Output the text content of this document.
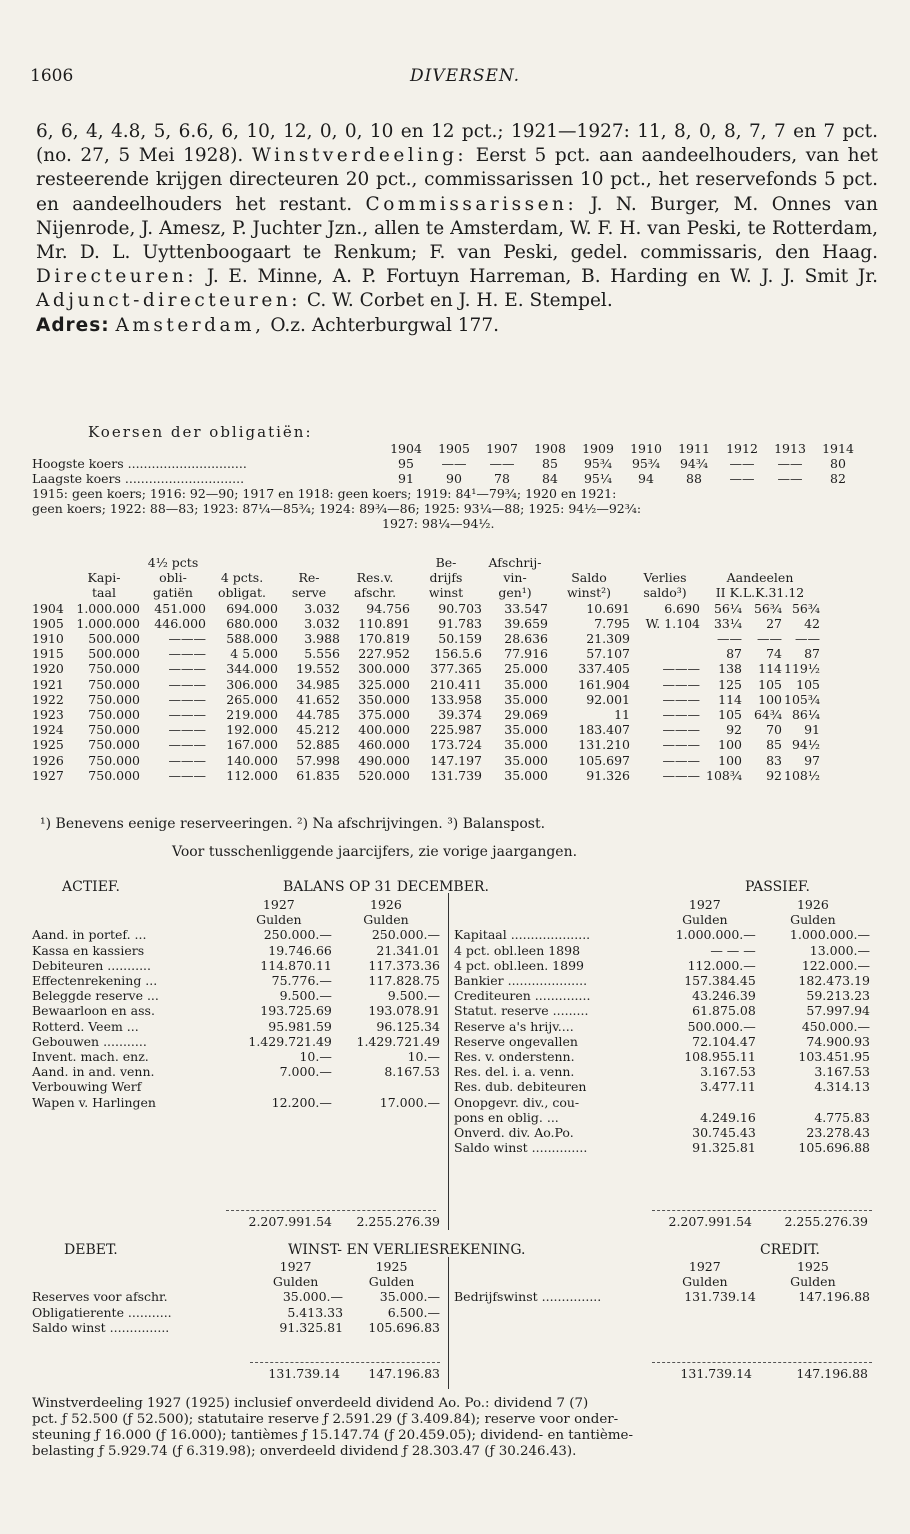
1606	DIVERSEN.

6, 6, 4, 4.8, 5, 6.6, 6, 10, 12, 0, 0, 10 en 12 pct.; 1921—1927: 11, 8, 0, 8, 7, 7 en 7 pct. (no. 27, 5 Mei 1928). Winstverdeeling: Eerst 5 pct. aan aandeelhouders, van het resteerende krijgen directeuren 20 pct., commissarissen 10 pct., het reservefonds 5 pct. en aandeelhouders het restant. Commissarissen: J. N. Burger, M. Onnes van Nijenrode, J. Amesz, P. Juchter Jzn., allen te Amsterdam, W. F. H. van Peski, te Rotterdam, Mr. D. L. Uyttenboogaart te Renkum; F. van Peski, gedel. commissaris, den Haag. Directeuren: J. E. Minne, A. P. Fortuyn Harreman, B. Harding en W. J. J. Smit Jr. Adjunct-directeuren: C. W. Corbet en J. H. E. Stempel.

Adres: Amsterdam, O.z. Achterburgwal 177.

Koersen der obligatiën:
	1904	1905	1907	1908	1909	1910	1911	1912	1913	1914
Hoogste koers ..............................	95	——	——	85	95¾	95¾	94¾	——	——	80
Laagste koers ..............................	91	90	78	84	95¼	94	88	——	——	82
1915: geen koers; 1916: 92—90; 1917 en 1918: geen koers; 1919: 84¹—79¾; 1920 en 1921:
geen koers; 1922: 88—83; 1923: 87¼—85¾; 1924: 89¾—86; 1925: 93¼—88; 1925: 94½—92¾:
1927: 98¼—94½.
		4½ pcts				Be-	Afschrij-					
	Kapi-	obli-	4 pcts.	Re-	Res.v.	drijfs	vin-	Saldo	Verlies	Aandeelen		
	taal	gatiën	obligat.	serve	afschr.	winst	gen¹)	winst²)	saldo³)	II K.L.K.31.12		
1904	1.000.000	451.000	694.000	3.032	94.756	90.703	33.547	10.691	6.690	56¼	56¾	56¾
1905	1.000.000	446.000	680.000	3.032	110.891	91.783	39.659	7.795	W. 1.104	33¼	27	42
1910	500.000	———	588.000	3.988	170.819	50.159	28.636	21.309		——	——	——
1915	500.000	———	4 5.000	5.556	227.952	156.5.6	77.916	57.107		87	74	87
1920	750.000	———	344.000	19.552	300.000	377.365	25.000	337.405	———	138	114	119½
1921	750.000	———	306.000	34.985	325.000	210.411	35.000	161.904	———	125	105	105
1922	750.000	———	265.000	41.652	350.000	133.958	35.000	92.001	———	114	100	105¾
1923	750.000	———	219.000	44.785	375.000	39.374	29.069	11	———	105	64¾	86¼
1924	750.000	———	192.000	45.212	400.000	225.987	35.000	183.407	———	92	70	91
1925	750.000	———	167.000	52.885	460.000	173.724	35.000	131.210	———	100	85	94½
1926	750.000	———	140.000	57.998	490.000	147.197	35.000	105.697	———	100	83	97
1927	750.000	———	112.000	61.835	520.000	131.739	35.000	91.326	———	108¾	92	108½
¹) Benevens eenige reserveeringen. ²) Na afschrijvingen. ³) Balanspost.
Voor tusschenliggende jaarcijfers, zie vorige jaargangen.
ACTIEF.	BALANS OP 31 DECEMBER.	PASSIEF.
	1927	1926
	Gulden	Gulden
Aand. in portef. ...	250.000.—	250.000.—
Kassa en kassiers	19.746.66	21.341.01
Debiteuren ...........	114.870.11	117.373.36
Effectenrekening ...	75.776.—	117.828.75
Beleggde reserve ...	9.500.—	9.500.—
Bewaarloon en ass.	193.725.69	193.078.91
Rotterd. Veem ...	95.981.59	96.125.34
Gebouwen ...........	1.429.721.49	1.429.721.49
Invent. mach. enz.	10.—	10.—
Aand. in and. venn.	7.000.—	8.167.53
Verbouwing Werf		
Wapen v. Harlingen	12.200.—	17.000.—
	1927	1926
	Gulden	Gulden
Kapitaal ....................	1.000.000.—	1.000.000.—
4 pct. obl.leen 1898	— — —	13.000.—
4 pct. obl.leen. 1899	112.000.—	122.000.—
Bankier ....................	157.384.45	182.473.19
Crediteuren ..............	43.246.39	59.213.23
Statut. reserve .........	61.875.08	57.997.94
Reserve a's hrijv....	500.000.—	450.000.—
Reserve ongevallen	72.104.47	74.900.93
Res. v. onderstenn.	108.955.11	103.451.95
Res. del. i. a. venn.	3.167.53	3.167.53
Res. dub. debiteuren	3.477.11	4.314.13
Onopgevr. div., cou-		
pons en oblig. ...	4.249.16	4.775.83
Onverd. div. Ao.Po.	30.745.43	23.278.43
Saldo winst ..............	91.325.81	105.696.88
2.207.991.54 2.255.276.39	2.207.991.54	2.255.276.39
DEBET.	WINST- EN VERLIESREKENING.	CREDIT.
	1927	1925
	Gulden	Gulden
Reserves voor afschr.	35.000.—	35.000.—
Obligatierente ...........	5.413.33	6.500.—
Saldo winst ...............	91.325.81	105.696.83
	1927	1925
	Gulden	Gulden
Bedrijfswinst ...............	131.739.14	147.196.88
131.739.14 147.196.83	131.739.14	147.196.88
Winstverdeeling 1927 (1925) inclusief onverdeeld dividend Ao. Po.: dividend 7 (7)
pct. ƒ 52.500 (ƒ 52.500); statutaire reserve ƒ 2.591.29 (ƒ 3.409.84); reserve voor onder-
steuning ƒ 16.000 (ƒ 16.000); tantièmes ƒ 15.147.74 (ƒ 20.459.05); dividend- en tantième-
belasting ƒ 5.929.74 (ƒ 6.319.98); onverdeeld dividend ƒ 28.303.47 (ƒ 30.246.43).
